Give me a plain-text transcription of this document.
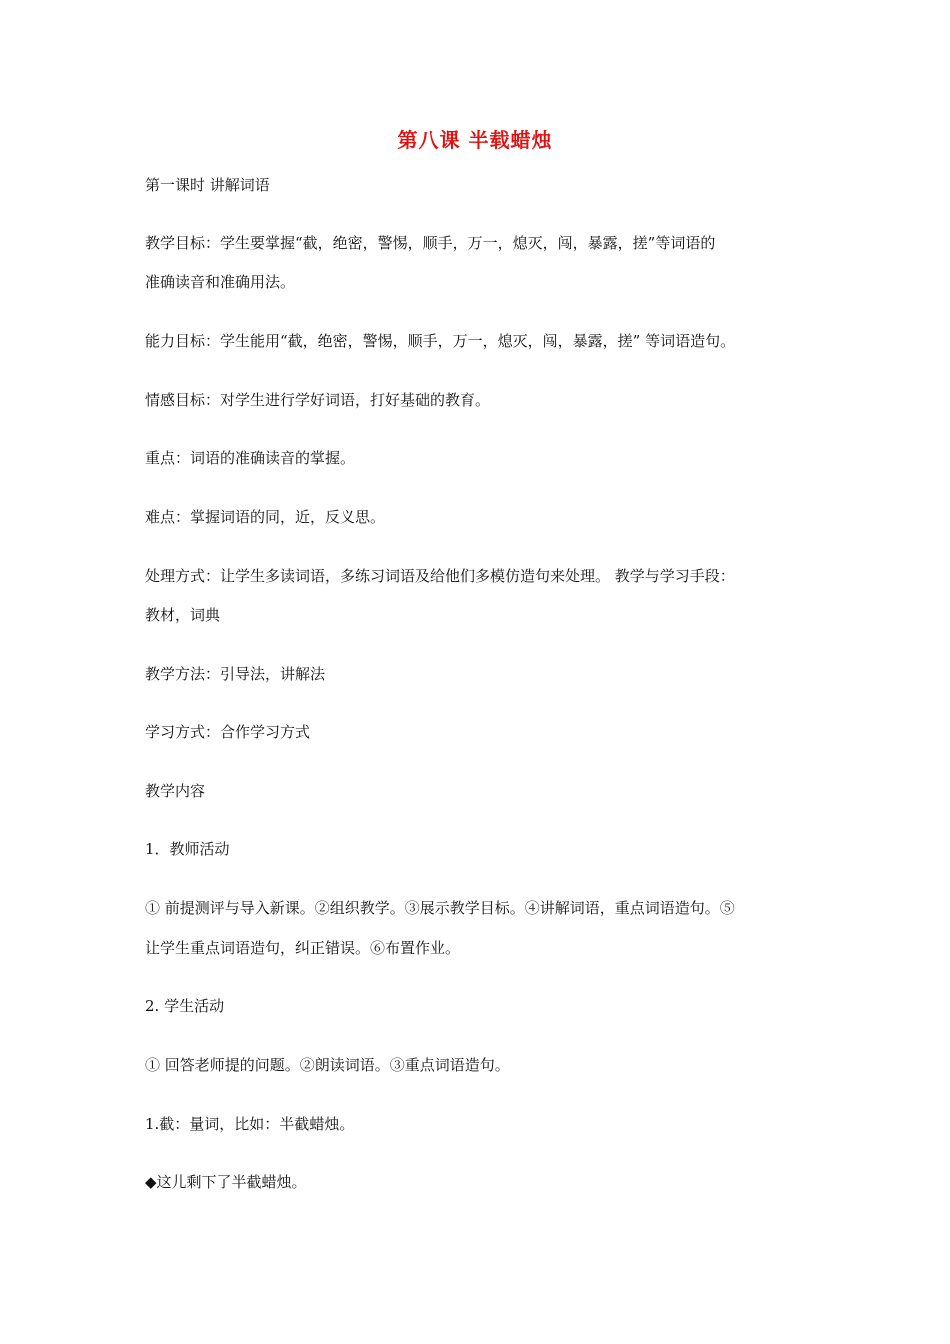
第八课 半载蜡烛
第一课时 讲解词语
教学目标：学生要掌握“截，绝密，警惕，顺手，万一，熄灭，闯，暴露，搓”等词语的
准确读音和准确用法。
能力目标：学生能用“截，绝密，警惕，顺手，万一，熄灭，闯，暴露，搓” 等词语造句。
情感目标：对学生进行学好词语，打好基础的教育。
重点：词语的准确读音的掌握。
难点：掌握词语的同，近，反义思。
处理方式：让学生多读词语，多练习词语及给他们多模仿造句来处理。 教学与学习手段：
教材，词典
教学方法：引导法，讲解法
学习方式：合作学习方式
教学内容
1．教师活动
① 前提测评与导入新课。②组织教学。③展示教学目标。④讲解词语，重点词语造句。⑤
让学生重点词语造句，纠正错误。⑥布置作业。
2. 学生活动
① 回答老师提的问题。②朗读词语。③重点词语造句。
1.截：量词，比如：半截蜡烛。
◆这儿剩下了半截蜡烛。
